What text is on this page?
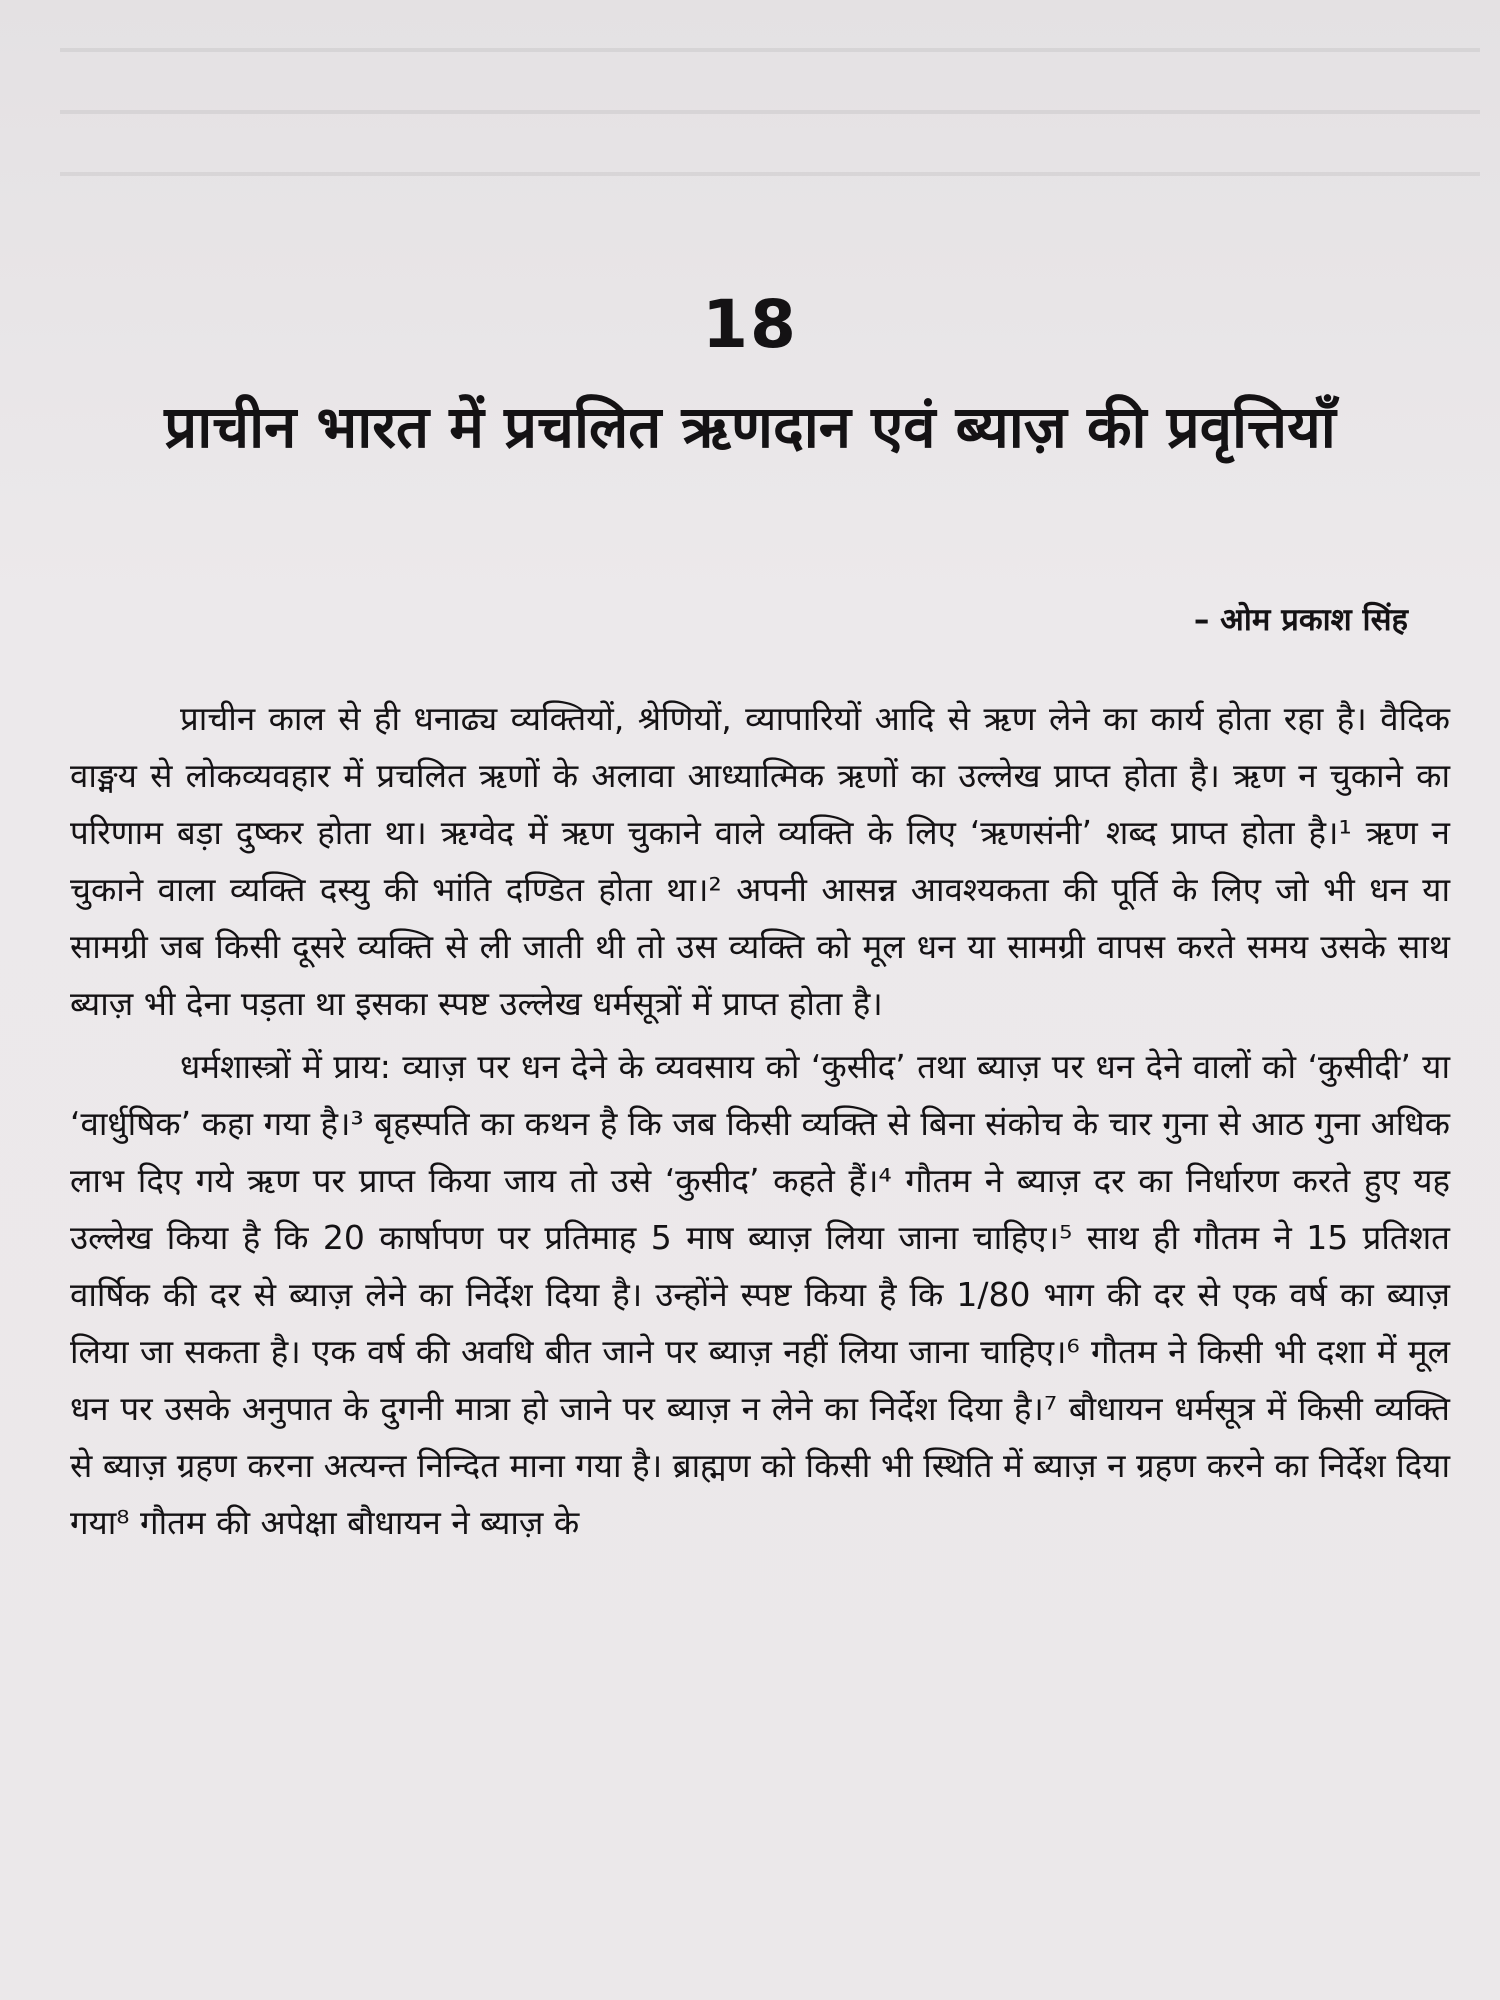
18
प्राचीन भारत में प्रचलित ऋणदान एवं ब्याज़ की प्रवृत्तियाँ
– ओम प्रकाश सिंह

प्राचीन काल से ही धनाढ्य व्यक्तियों, श्रेणियों, व्यापारियों आदि से ऋण लेने का कार्य होता रहा है। वैदिक वाङ्मय से लोकव्यवहार में प्रचलित ऋणों के अलावा आध्यात्मिक ऋणों का उल्लेख प्राप्त होता है। ऋण न चुकाने का परिणाम बड़ा दुष्कर होता था। ऋग्वेद में ऋण चुकाने वाले व्यक्ति के लिए ‘ऋणसंनी’ शब्द प्राप्त होता है।¹ ऋण न चुकाने वाला व्यक्ति दस्यु की भांति दण्डित होता था।² अपनी आसन्न आवश्यकता की पूर्ति के लिए जो भी धन या सामग्री जब किसी दूसरे व्यक्ति से ली जाती थी तो उस व्यक्ति को मूल धन या सामग्री वापस करते समय उसके साथ ब्याज़ भी देना पड़ता था इसका स्पष्ट उल्लेख धर्मसूत्रों में प्राप्त होता है।

धर्मशास्त्रों में प्राय: व्याज़ पर धन देने के व्यवसाय को ‘कुसीद’ तथा ब्याज़ पर धन देने वालों को ‘कुसीदी’ या ‘वार्धुषिक’ कहा गया है।³ बृहस्पति का कथन है कि जब किसी व्यक्ति से बिना संकोच के चार गुना से आठ गुना अधिक लाभ दिए गये ऋण पर प्राप्त किया जाय तो उसे ‘कुसीद’ कहते हैं।⁴ गौतम ने ब्याज़ दर का निर्धारण करते हुए यह उल्लेख किया है कि 20 कार्षापण पर प्रतिमाह 5 माष ब्याज़ लिया जाना चाहिए।⁵ साथ ही गौतम ने 15 प्रतिशत वार्षिक की दर से ब्याज़ लेने का निर्देश दिया है। उन्होंने स्पष्ट किया है कि 1/80 भाग की दर से एक वर्ष का ब्याज़ लिया जा सकता है। एक वर्ष की अवधि बीत जाने पर ब्याज़ नहीं लिया जाना चाहिए।⁶ गौतम ने किसी भी दशा में मूल धन पर उसके अनुपात के दुगनी मात्रा हो जाने पर ब्याज़ न लेने का निर्देश दिया है।⁷ बौधायन धर्मसूत्र में किसी व्यक्ति से ब्याज़ ग्रहण करना अत्यन्त निन्दित माना गया है। ब्राह्मण को किसी भी स्थिति में ब्याज़ न ग्रहण करने का निर्देश दिया गया⁸ गौतम की अपेक्षा बौधायन ने ब्याज़ के
